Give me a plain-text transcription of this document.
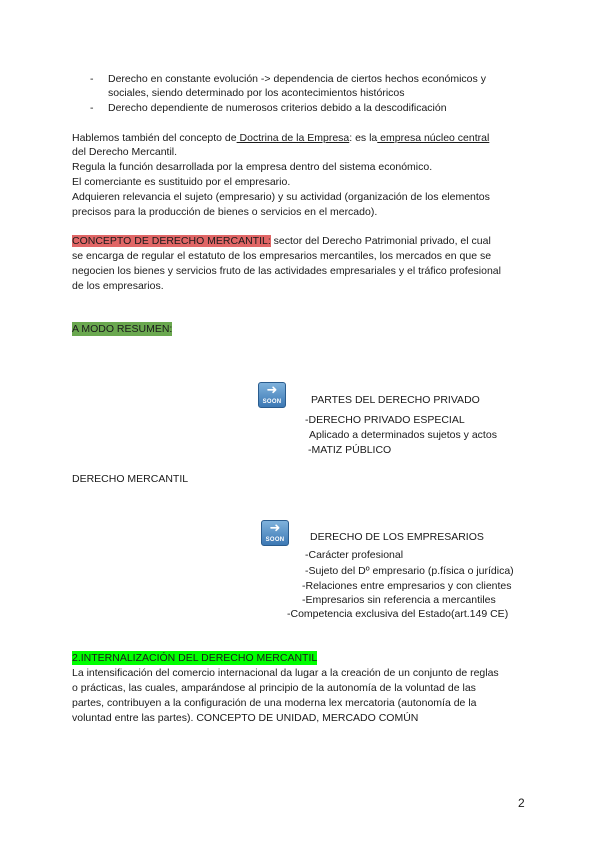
- Derecho en constante evolución -> dependencia de ciertos hechos económicos y
sociales, siendo determinado por los acontecimientos históricos
- Derecho dependiente de numerosos criterios debido a la descodificación
Hablemos también del concepto de Doctrina de la Empresa: es la empresa núcleo central
del Derecho Mercantil.
Regula la función desarrollada por la empresa dentro del sistema económico.
El comerciante es sustituido por el empresario.
Adquieren relevancia el sujeto (empresario) y su actividad (organización de los elementos
precisos para la producción de bienes o servicios en el mercado).
CONCEPTO DE DERECHO MERCANTIL: sector del Derecho Patrimonial privado, el cual
se encarga de regular el estatuto de los empresarios mercantiles, los mercados en que se
negocien los bienes y servicios fruto de las actividades empresariales y el tráfico profesional
de los empresarios.
A MODO RESUMEN:
➜
SOON	PARTES DEL DERECHO PRIVADO
-DERECHO PRIVADO ESPECIAL
Aplicado a determinados sujetos y actos
-MATIZ PÚBLICO
DERECHO MERCANTIL
➜
SOON	DERECHO DE LOS EMPRESARIOS
-Carácter profesional
-Sujeto del Dº empresario (p.física o jurídica)
-Relaciones entre empresarios y con clientes
-Empresarios sin referencia a mercantiles
-Competencia exclusiva del Estado(art.149 CE)
2.INTERNALIZACIÓN DEL DERECHO MERCANTIL
La intensificación del comercio internacional da lugar a la creación de un conjunto de reglas
o prácticas, las cuales, amparándose al principio de la autonomía de la voluntad de las
partes, contribuyen a la configuración de una moderna lex mercatoria (autonomía de la
voluntad entre las partes). CONCEPTO DE UNIDAD, MERCADO COMÚN
2
